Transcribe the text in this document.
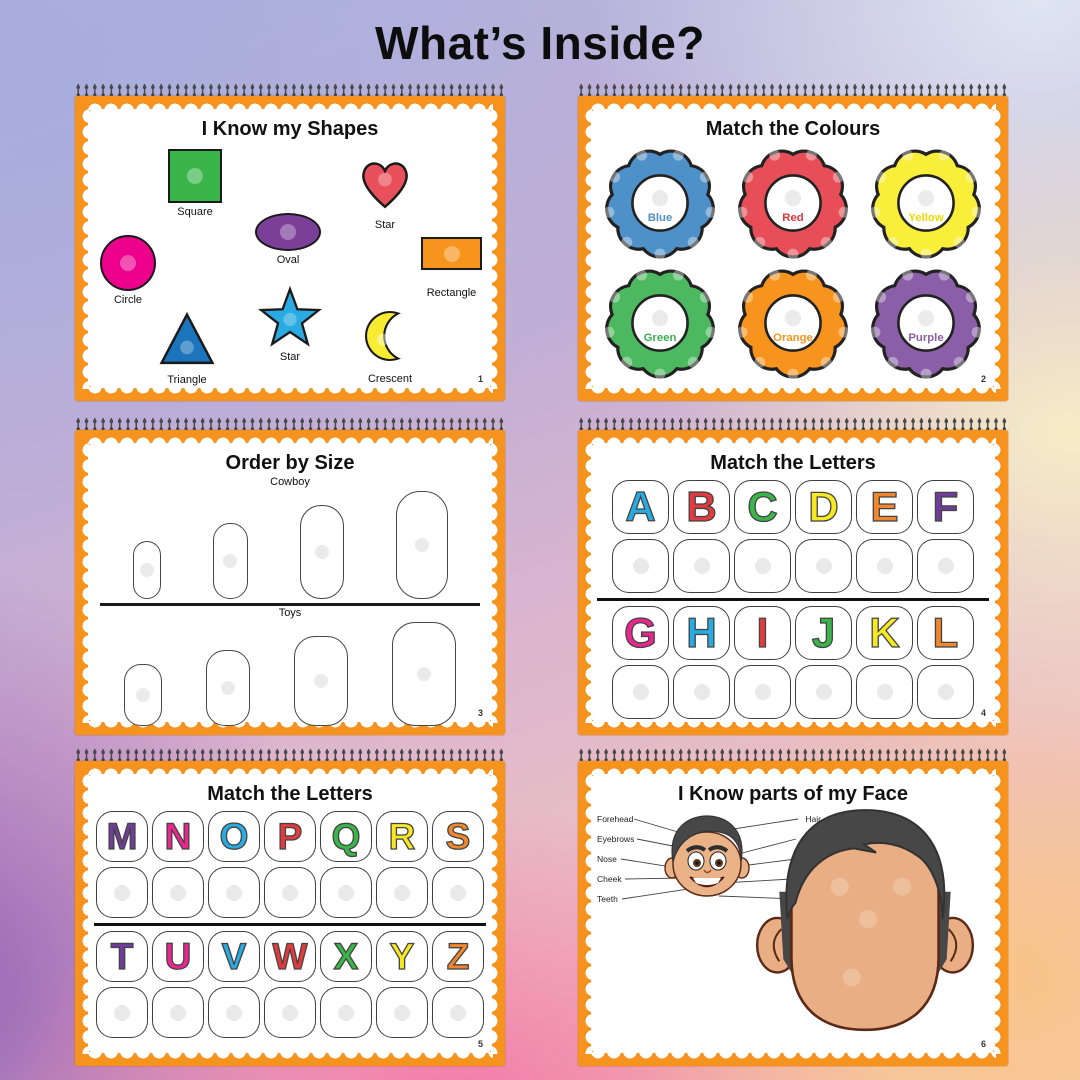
What’s Inside?
I Know my Shapes
Square
Star
Oval
Circle
Rectangle
Star
Triangle	Crescent	1
Match the Colours
Blue	Red	Yellow
Green	Orange	Purple
2
Order by Size
Cowboy
Toys
3
Match the Letters
A B C D E F
G H I J K L
4
Match the Letters
M N O P Q R S
T U V W X Y Z
5
I Know parts of my Face
Forehead
Eyebrows
Nose
Cheek
Teeth
Hair
6
